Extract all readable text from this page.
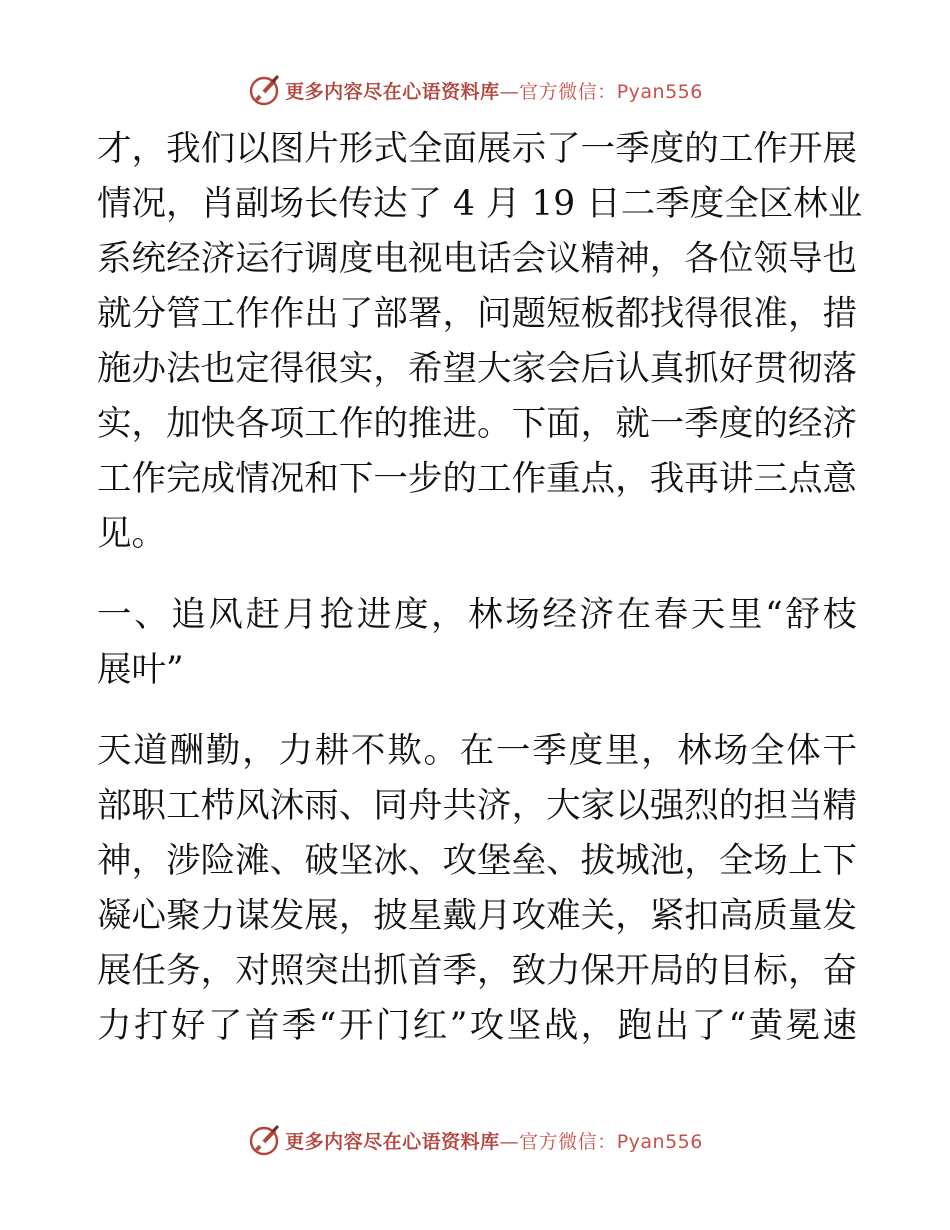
更多内容尽在心语资料库—官方微信：Pyan556
才，我们以图片形式全面展示了一季度的工作开展
情况，肖副场长传达了 4 月 19 日二季度全区林业
系统经济运行调度电视电话会议精神，各位领导也
就分管工作作出了部署，问题短板都找得很准，措
施办法也定得很实，希望大家会后认真抓好贯彻落
实，加快各项工作的推进。下面，就一季度的经济
工作完成情况和下一步的工作重点，我再讲三点意
见。
一、追风赶月抢进度，林场经济在春天里“舒枝
展叶”
天道酬勤，力耕不欺。在一季度里，林场全体干
部职工栉风沐雨、同舟共济，大家以强烈的担当精
神，涉险滩、破坚冰、攻堡垒、拔城池，全场上下
凝心聚力谋发展，披星戴月攻难关，紧扣高质量发
展任务，对照突出抓首季，致力保开局的目标，奋
力打好了首季“开门红”攻坚战，跑出了“黄冕速
更多内容尽在心语资料库—官方微信：Pyan556
